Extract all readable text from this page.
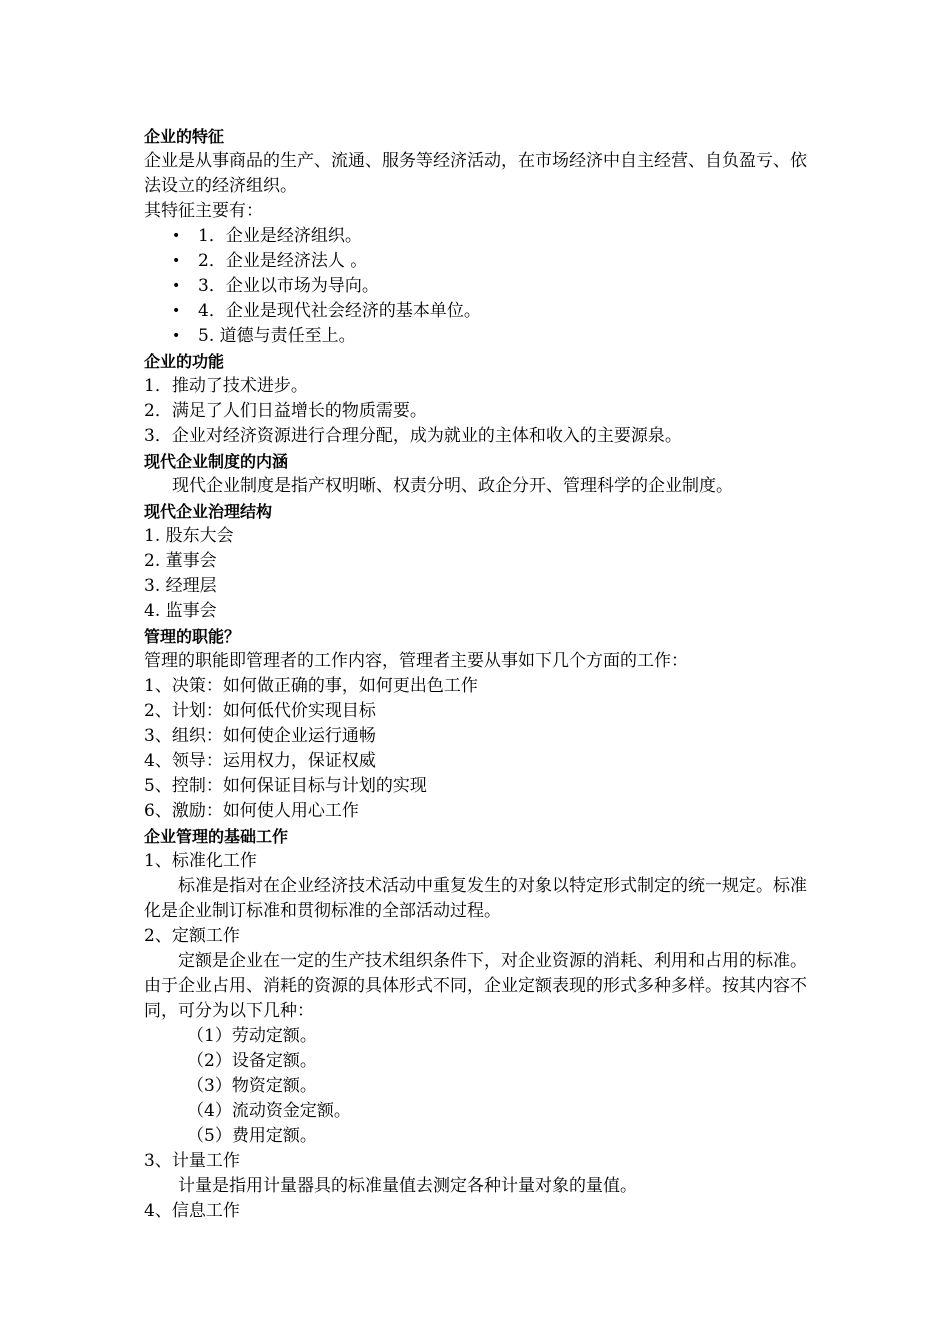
企业的特征
企业是从事商品的生产、流通、服务等经济活动，在市场经济中自主经营、自负盈亏、依法设立的经济组织。
其特征主要有：
• 1．企业是经济组织。
• 2．企业是经济法人 。
• 3．企业以市场为导向。
• 4．企业是现代社会经济的基本单位。
• 5. 道德与责任至上。
企业的功能
1．推动了技术进步。
2．满足了人们日益增长的物质需要。
3．企业对经济资源进行合理分配，成为就业的主体和收入的主要源泉。
现代企业制度的内涵
现代企业制度是指产权明晰、权责分明、政企分开、管理科学的企业制度。
现代企业治理结构
1. 股东大会
2. 董事会
3. 经理层
4. 监事会
管理的职能？
管理的职能即管理者的工作内容，管理者主要从事如下几个方面的工作：
1、决策：如何做正确的事，如何更出色工作
2、计划：如何低代价实现目标
3、组织：如何使企业运行通畅
4、领导：运用权力，保证权威
5、控制：如何保证目标与计划的实现
6、激励：如何使人用心工作
企业管理的基础工作
1、标准化工作
标准是指对在企业经济技术活动中重复发生的对象以特定形式制定的统一规定。标准化是企业制订标准和贯彻标准的全部活动过程。
2、定额工作
定额是企业在一定的生产技术组织条件下，对企业资源的消耗、利用和占用的标准。由于企业占用、消耗的资源的具体形式不同，企业定额表现的形式多种多样。按其内容不同，可分为以下几种：
（1）劳动定额。
（2）设备定额。
（3）物资定额。
（4）流动资金定额。
（5）费用定额。
3、计量工作
计量是指用计量器具的标准量值去测定各种计量对象的量值。
4、信息工作
